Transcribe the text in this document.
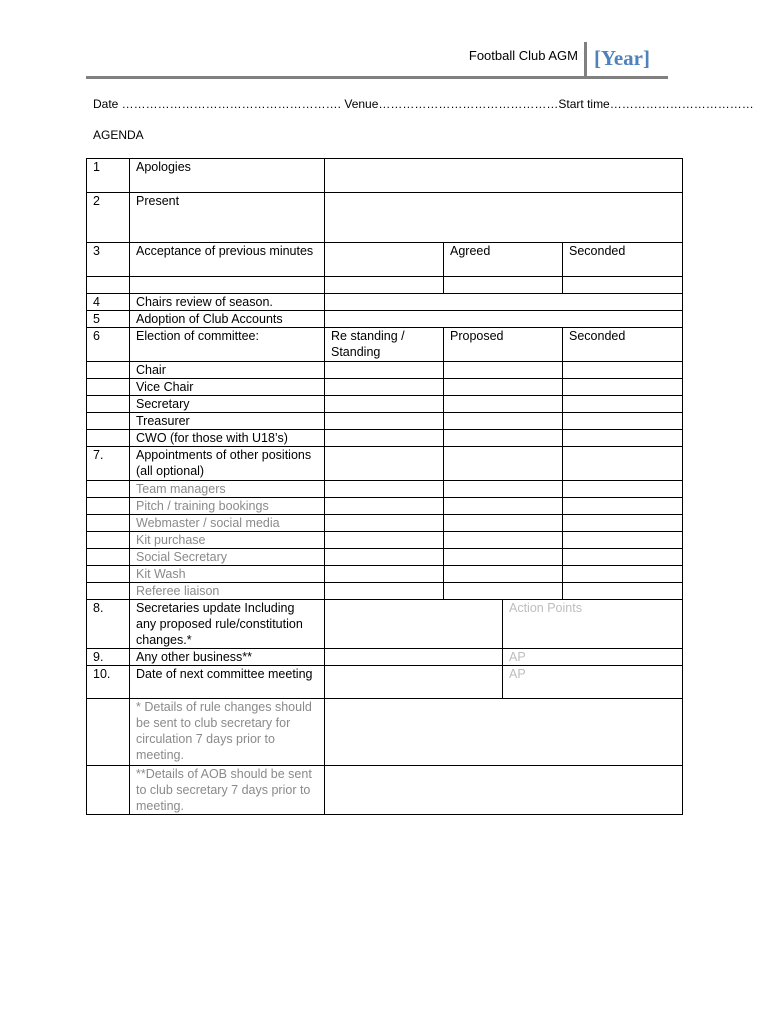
Football Club AGM [Year]
Date ………………………………………………. Venue………………………………………Start time………………………………
AGENDA
1	Apologies				
2	Present				
3	Acceptance of previous minutes		Agreed		Seconded

4	Chairs review of season.				
5	Adoption of Club Accounts				
6	Election of committee:	Re standing / Standing	Proposed		Seconded
	Chair				
	Vice Chair				
	Secretary				
	Treasurer				
	CWO (for those with U18’s)				
7.	Appointments of other positions (all optional)				
	Team managers				
	Pitch / training bookings				
	Webmaster / social media				
	Kit purchase				
	Social Secretary				
	Kit Wash				
	Referee liaison				
8.	Secretaries update Including any proposed rule/constitution changes.*			Action Points	
9.	Any other business**			AP	
10.	Date of next committee meeting			AP	
	* Details of rule changes should be sent to club secretary for circulation 7 days prior to meeting.				
	**Details of AOB should be sent to club secretary 7 days prior to meeting.				
